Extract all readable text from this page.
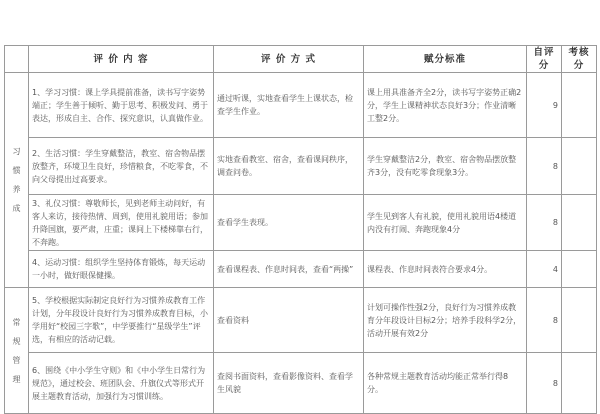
	评 价 内 容	评 价 方 式	赋分标准	自评分	考核分

习
惯
养
成	1、学习习惯：课上学具提前准备，读书写字姿势端正；学生善于倾听、勤于思考、积极发问、勇于表达，形成自主、合作、探究意识，认真做作业。	通过听课，实地查看学生上课状态，检查学生作业。	课上用具准备齐全2分，读书写字姿势正确2分，学生上课精神状态良好3分；作业清晰工整2分。	9	
	2、生活习惯：学生穿戴整洁，教室、宿舍物品摆放整齐，环境卫生良好，珍惜粮食，不吃零食，不向父母提出过高要求。	实地查看教室、宿舍，查看课间秩序，调查问卷。	学生穿戴整洁2分，教室、宿舍物品摆放整齐3分，没有吃零食现象3分。	8	
	3、礼仪习惯：尊敬师长，见到老师主动问好，有客人来访，接待热情、周到，使用礼貌用语；参加升降国旗，要严肃，庄重；课间上下楼梯靠右行，不奔跑。	查看学生表现。	学生见到客人有礼貌，使用礼貌用语4楼道内没有打闹、奔跑现象4分	8	
	4、运动习惯：组织学生坚持体育锻炼，每天运动一小时，做好眼保健操。	查看课程表、作息时间表，查看“两操”	课程表、作息时间表符合要求4分。	4	

常
规
管
理	5、学校根据实际制定良好行为习惯养成教育工作计划，分年段设计良好行为习惯养成教育目标，小学用好“校园三字歌”，中学要推行“星级学生”评选，有相应的活动记载。	查看资料	计划可操作性强2分，良好行为习惯养成教育分年段设计目标2分；培养手段科学2分， 活动开展有效2分	8	
	6、围绕《中小学生守则》和《中小学生日常行为规范》，通过校会、班团队会、升旗仪式等形式开展主题教育活动，加强行为习惯训练。	查阅书面资料，查看影像资料、查看学生风貌	各种常规主题教育活动均能正常举行得8分。	8	
